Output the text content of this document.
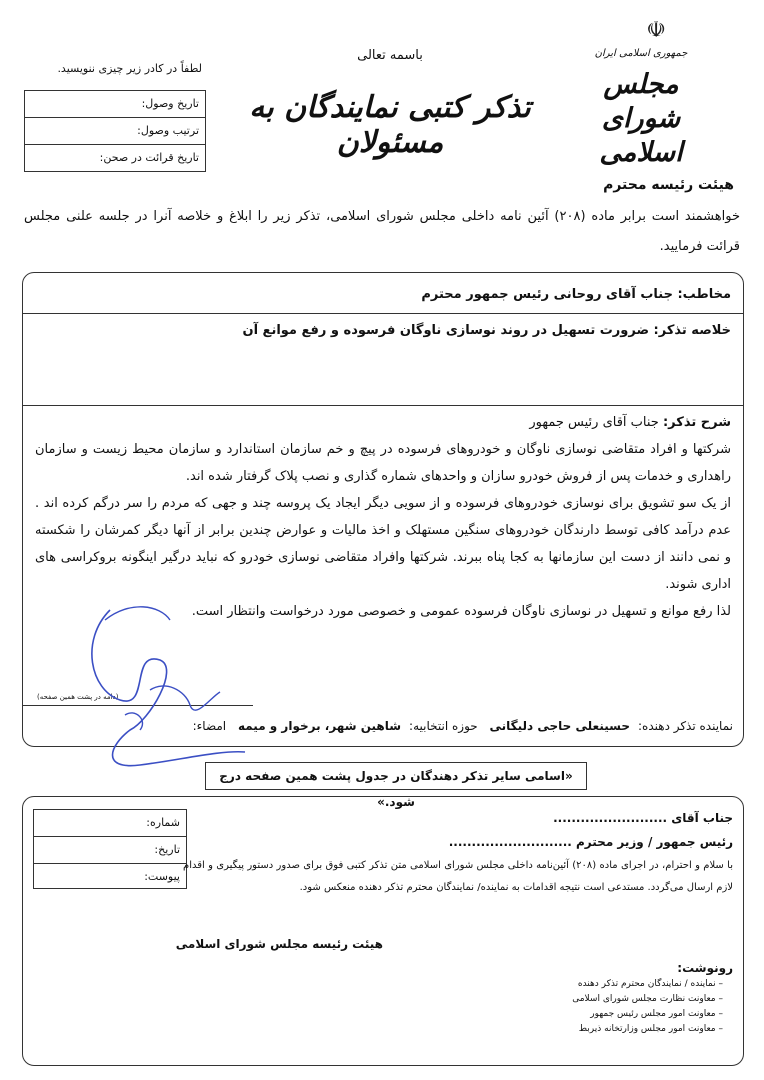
☫
جمهوری اسلامی ایران
مجلس شورای اسلامی
باسمه تعالی
تذکر کتبی نمایندگان به مسئولان
لطفاً در کادر زیر چیزی ننویسید.
تاریخ وصول:
ترتیب وصول:
تاریخ قرائت در صحن:
هیئت رئیسه محترم
خواهشمند است برابر ماده (۲۰۸) آئین نامه داخلی مجلس شورای اسلامی، تذکر زیر را ابلاغ و خلاصه آنرا در جلسه علنی مجلس قرائت فرمایید.
مخاطب: جناب آقای روحانی رئیس جمهور محترم
خلاصه تذکر: ضرورت تسهیل در روند نوسازی ناوگان فرسوده و رفع موانع آن

شرح تذکر: جناب آقای رئیس جمهور

شرکتها و افراد متقاضی نوسازی ناوگان و خودروهای فرسوده در پیچ و خم سازمان استاندارد و سازمان محیط زیست و سازمان راهداری و خدمات پس از فروش خودرو سازان و واحدهای شماره گذاری و نصب پلاک گرفتار شده اند.

از یک سو تشویق برای نوسازی خودروهای فرسوده و از سویی دیگر ایجاد یک پروسه چند و جهی که مردم را سر درگم کرده اند . عدم درآمد کافی توسط دارندگان خودروهای سنگین مستهلک و اخذ مالیات و عوارض چندین برابر از آنها دیگر کمرشان را شکسته و نمی دانند از دست این سازمانها به کجا پناه ببرند. شرکتها وافراد متقاضی نوسازی خودرو که نباید درگیر اینگونه بروکراسی های اداری شوند.

لذا رفع موانع و تسهیل در نوسازی ناوگان فرسوده عمومی و خصوصی مورد درخواست وانتظار است.

(دامه در پشت همین صفحه)
نماینده تذکر دهنده:حسینعلی حاجی دلیگانی حوزه انتخابیه:شاهین شهر، برخوار و میمه امضاء:
«اسامی سایر تذکر دهندگان در جدول پشت همین صفحه درج شود.»
شماره:
تاریخ:
پیوست:
جناب آقای .........................
رئیس جمهور / وزیر محترم ...........................
با سلام و احترام، در اجرای ماده (۲۰۸) آئین‌نامه داخلی مجلس شورای اسلامی متن تذکر کتبی فوق برای صدور دستور پیگیری و اقدام لازم ارسال می‌گردد. مستدعی است نتیجه اقدامات به نماینده/ نمایندگان محترم تذکر دهنده منعکس شود.
هیئت رئیسه مجلس شورای اسلامی
رونوشت:
– نماینده / نمایندگان محترم تذکر دهنده
– معاونت نظارت مجلس شورای اسلامی
– معاونت امور مجلس رئیس جمهور
– معاونت امور مجلس وزارتخانه ذیربط
